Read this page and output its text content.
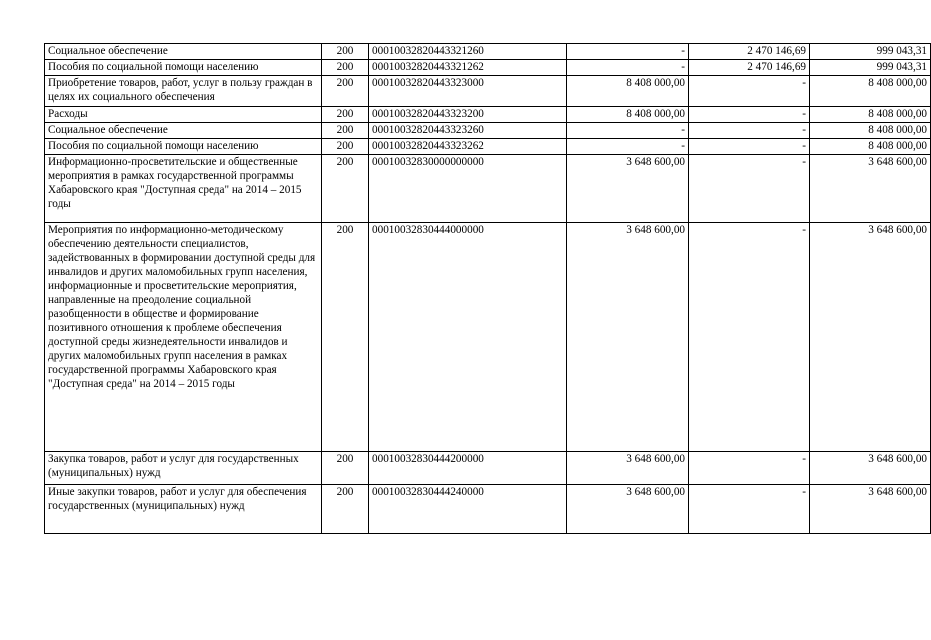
Социальное обеспечение	200	00010032820443321260	-	2 470 146,69	999 043,31
Пособия по социальной помощи населению	200	00010032820443321262	-	2 470 146,69	999 043,31
Приобретение товаров, работ, услуг в пользу граждан в целях их социального обеспечения	200	00010032820443323000	8 408 000,00	-	8 408 000,00
Расходы	200	00010032820443323200	8 408 000,00	-	8 408 000,00
Социальное обеспечение	200	00010032820443323260	-	-	8 408 000,00
Пособия по социальной помощи населению	200	00010032820443323262	-	-	8 408 000,00
Информационно-просветительские и общественные мероприятия в рамках государственной программы Хабаровского края "Доступная среда" на 2014 – 2015 годы	200	00010032830000000000	3 648 600,00	-	3 648 600,00
Мероприятия по информационно-методическому обеспечению деятельности специалистов, задействованных в формировании доступной среды для инвалидов и других маломобильных групп населения, информационные и просветительские мероприятия, направленные на преодоление социальной разобщенности в обществе и формирование позитивного отношения к проблеме обеспечения доступной среды жизнедеятельности инвалидов и других маломобильных групп населения в рамках государственной программы Хабаровского края "Доступная среда" на 2014 – 2015 годы	200	00010032830444000000	3 648 600,00	-	3 648 600,00
Закупка товаров, работ и услуг для государственных (муниципальных) нужд	200	00010032830444200000	3 648 600,00	-	3 648 600,00
Иные закупки товаров, работ и услуг для обеспечения государственных (муниципальных) нужд	200	00010032830444240000	3 648 600,00	-	3 648 600,00
